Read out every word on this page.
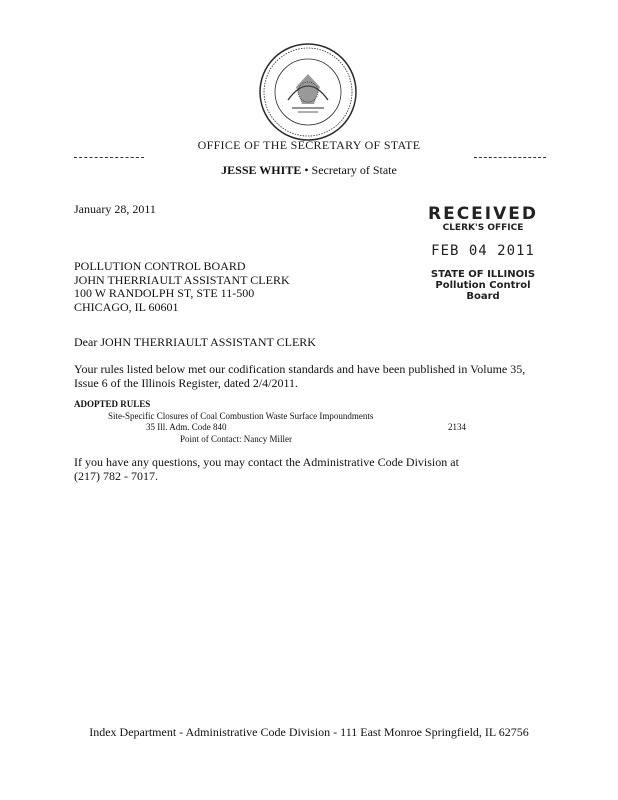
OFFICE OF THE SECRETARY OF STATE
JESSE WHITE • Secretary of State
RECEIVED
CLERK'S OFFICE
FEB 04 2011
STATE OF ILLINOIS
Pollution Control Board
January 28, 2011
POLLUTION CONTROL BOARD
JOHN THERRIAULT ASSISTANT CLERK
100 W RANDOLPH ST, STE 11-500
CHICAGO, IL 60601
Dear JOHN THERRIAULT ASSISTANT CLERK
Your rules listed below met our codification standards and have been published in Volume 35,
Issue 6 of the Illinois Register, dated 2/4/2011.
ADOPTED RULES
Site-Specific Closures of Coal Combustion Waste Surface Impoundments
35 Ill. Adm. Code 840	2134
Point of Contact: Nancy Miller
If you have any questions, you may contact the Administrative Code Division at
(217) 782 - 7017.
Index Department - Administrative Code Division - 111 East Monroe Springfield, IL 62756
